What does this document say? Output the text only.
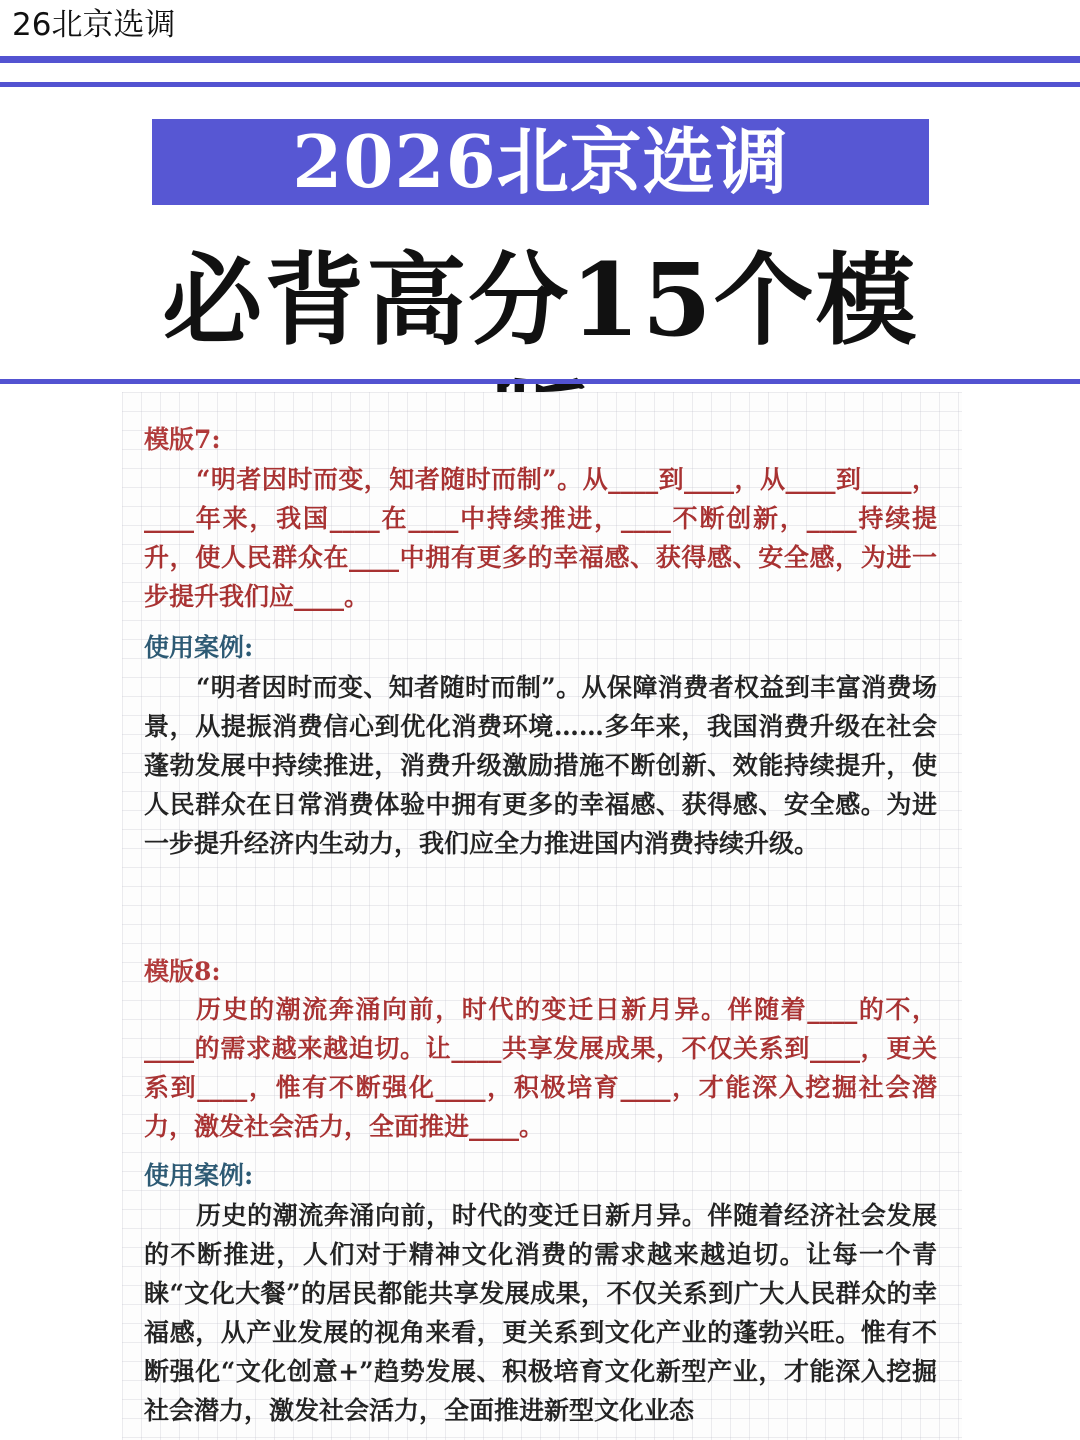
26北京选调
2026北京选调
必背高分15个模
模版7:
“明者因时而变，知者随时而制”。从____到____，从____到____，____年来，我国____在____中持续推进，____不断创新，____持续提升，使人民群众在____中拥有更多的幸福感、获得感、安全感，为进一步提升我们应____。
使用案例:
“明者因时而变、知者随时而制”。从保障消费者权益到丰富消费场景，从提振消费信心到优化消费环境……多年来，我国消费升级在社会蓬勃发展中持续推进，消费升级激励措施不断创新、效能持续提升，使人民群众在日常消费体验中拥有更多的幸福感、获得感、安全感。为进一步提升经济内生动力，我们应全力推进国内消费持续升级。
模版8:
历史的潮流奔涌向前，时代的变迁日新月异。伴随着____的不，____的需求越来越迫切。让____共享发展成果，不仅关系到____，更关系到____，惟有不断强化____，积极培育____，才能深入挖掘社会潜力，激发社会活力，全面推进____。
使用案例:
历史的潮流奔涌向前，时代的变迁日新月异。伴随着经济社会发展的不断推进，人们对于精神文化消费的需求越来越迫切。让每一个青睐“文化大餐”的居民都能共享发展成果，不仅关系到广大人民群众的幸福感，从产业发展的视角来看，更关系到文化产业的蓬勃兴旺。惟有不断强化“文化创意+”趋势发展、积极培育文化新型产业，才能深入挖掘社会潜力，激发社会活力，全面推进新型文化业态
